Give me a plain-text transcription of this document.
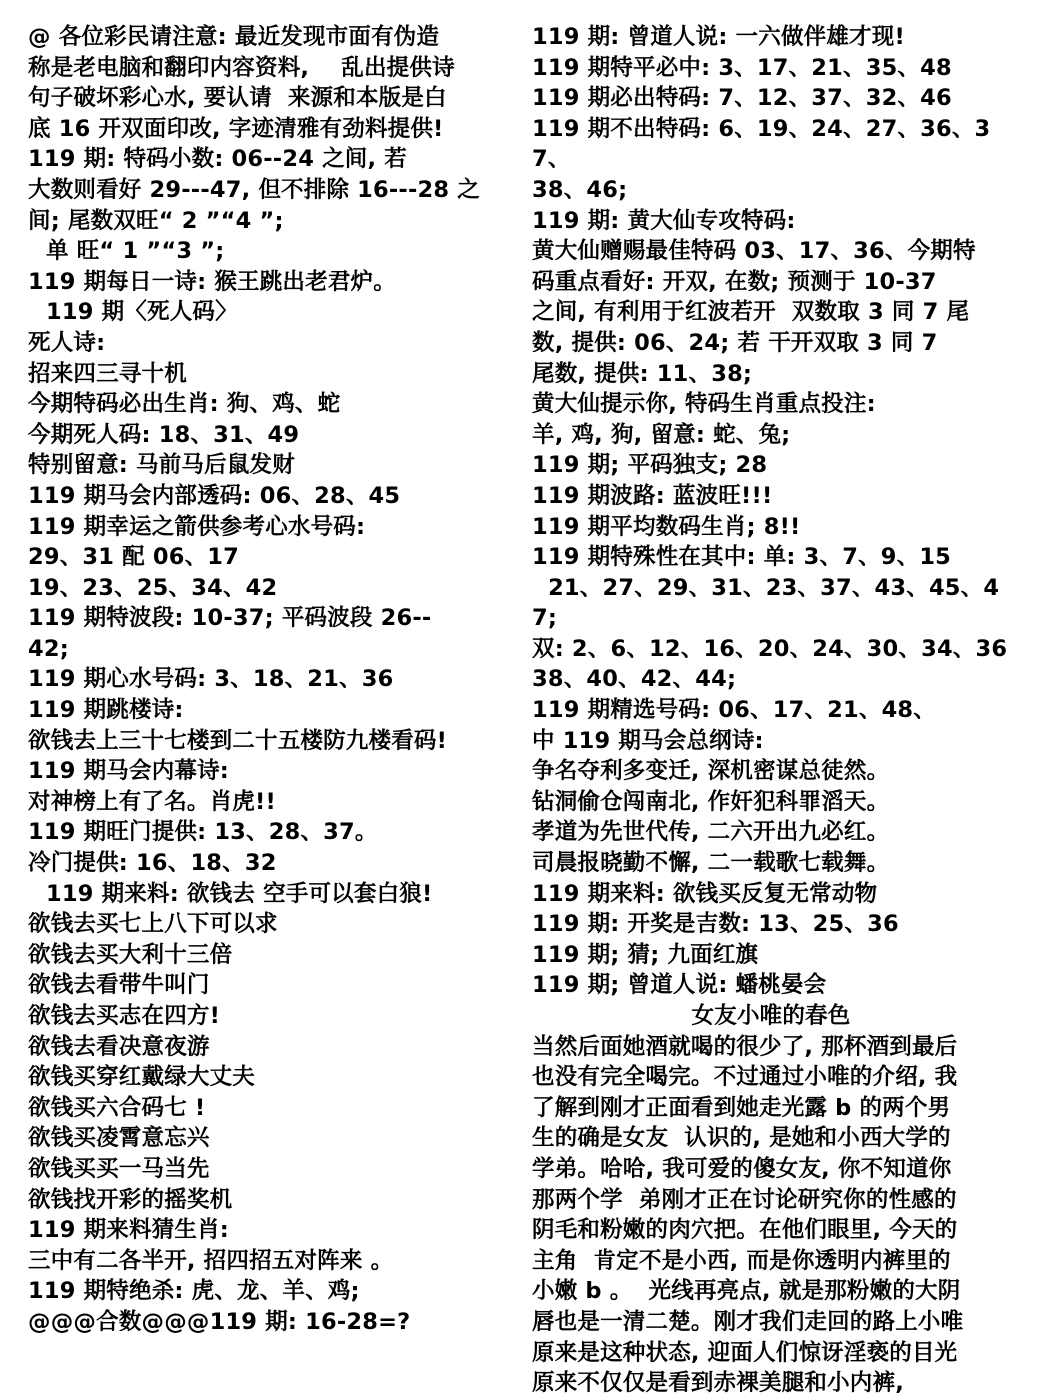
@ 各位彩民请注意: 最近发现市面有伪造

称是老电脑和翻印内容资料,    乱出提供诗

句子破坏彩心水, 要认请  来源和本版是白

底 16 开双面印改, 字迹清雅有劲料提供!

119 期: 特码小数: 06--24 之间, 若

大数则看好 29---47, 但不排除 16---28 之

间; 尾数双旺“ 2 ”“4 ”;

单 旺“ 1 ”“3 ”;

119 期每日一诗: 猴王跳出老君炉。

119 期〈死人码〉

死人诗:

招来四三寻十机

今期特码必出生肖: 狗、鸡、蛇

今期死人码: 18、31、49

特别留意: 马前马后鼠发财

119 期马会内部透码: 06、28、45

119 期幸运之箭供参考心水号码:

29、31 配 06、17

19、23、25、34、42

119 期特波段: 10-37; 平码波段 26--

42;

119 期心水号码: 3、18、21、36

119 期跳楼诗:

欲钱去上三十七楼到二十五楼防九楼看码!

119 期马会内幕诗:

对神榜上有了名。肖虎!!

119 期旺门提供: 13、28、37。

冷门提供: 16、18、32

119 期来料: 欲钱去 空手可以套白狼!

欲钱去买七上八下可以求

欲钱去买大利十三倍

欲钱去看带牛叫门

欲钱去买志在四方!

欲钱去看决意夜游

欲钱买穿红戴绿大丈夫

欲钱买六合码七 !

欲钱买凌霄意忘兴

欲钱买买一马当先

欲钱找开彩的摇奖机

119 期来料猜生肖:

三中有二各半开, 招四招五对阵来 。

119 期特绝杀: 虎、龙、羊、鸡;

@@@合数@@@119 期: 16-28=?

119 期: 曾道人说: 一六做伴雄才现!

119 期特平必中: 3、17、21、35、48

119 期必出特码: 7、12、37、32、46

119 期不出特码: 6、19、24、27、36、37、

38、46;

119 期: 黄大仙专攻特码:

黄大仙赠赐最佳特码 03、17、36、今期特

码重点看好: 开双, 在数; 预测于 10-37

之间, 有利用于红波若开  双数取 3 同 7 尾

数, 提供: 06、24; 若 干开双取 3 同 7

尾数, 提供: 11、38;

黄大仙提示你, 特码生肖重点投注:

羊, 鸡, 狗, 留意: 蛇、兔;

119 期; 平码独支; 28

119 期波路: 蓝波旺!!!

119 期平均数码生肖; 8!!

119 期特殊性在其中: 单: 3、7、9、15

21、27、29、31、23、37、43、45、47;

双: 2、6、12、16、20、24、30、34、36

38、40、42、44;

119 期精选号码: 06、17、21、48、

中 119 期马会总纲诗:

争名夺利多变迁, 深机密谋总徒然。

钻洞偷仓闯南北, 作奸犯科罪滔天。

孝道为先世代传, 二六开出九必红。

司晨报晓勤不懈, 二一载歌七载舞。

119 期来料: 欲钱买反复无常动物

119 期: 开奖是吉数: 13、25、36

119 期; 猜; 九面红旗

119 期; 曾道人说: 蟠桃晏会

女友小唯的春色

当然后面她酒就喝的很少了, 那杯酒到最后

也没有完全喝完。不过通过小唯的介绍, 我

了解到刚才正面看到她走光露 b 的两个男

生的确是女友  认识的, 是她和小西大学的

学弟。哈哈, 我可爱的傻女友, 你不知道你

那两个学  弟刚才正在讨论研究你的性感的

阴毛和粉嫩的肉穴把。在他们眼里, 今天的

主角  肯定不是小西, 而是你透明内裤里的

小嫩 b 。  光线再亮点, 就是那粉嫩的大阴

唇也是一清二楚。刚才我们走回的路上小唯

原来是这种状态, 迎面人们惊讶淫亵的目光

原来不仅仅是看到赤裸美腿和小内裤,
